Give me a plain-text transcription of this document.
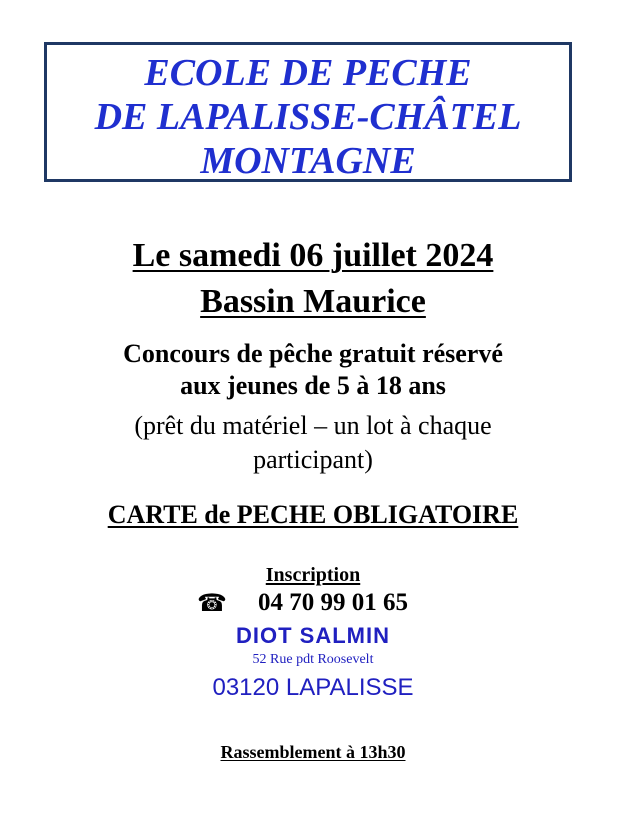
ECOLE DE PECHE
DE LAPALISSE-CHÂTEL
MONTAGNE
Le samedi 06 juillet 2024
Bassin Maurice
Concours de pêche gratuit réservé
aux jeunes de 5 à 18 ans
(prêt du matériel – un lot à chaque
participant)
CARTE de PECHE OBLIGATOIRE
Inscription
☎ 04 70 99 01 65
DIOT SALMIN
52 Rue pdt Roosevelt
03120 LAPALISSE
Rassemblement à 13h30
